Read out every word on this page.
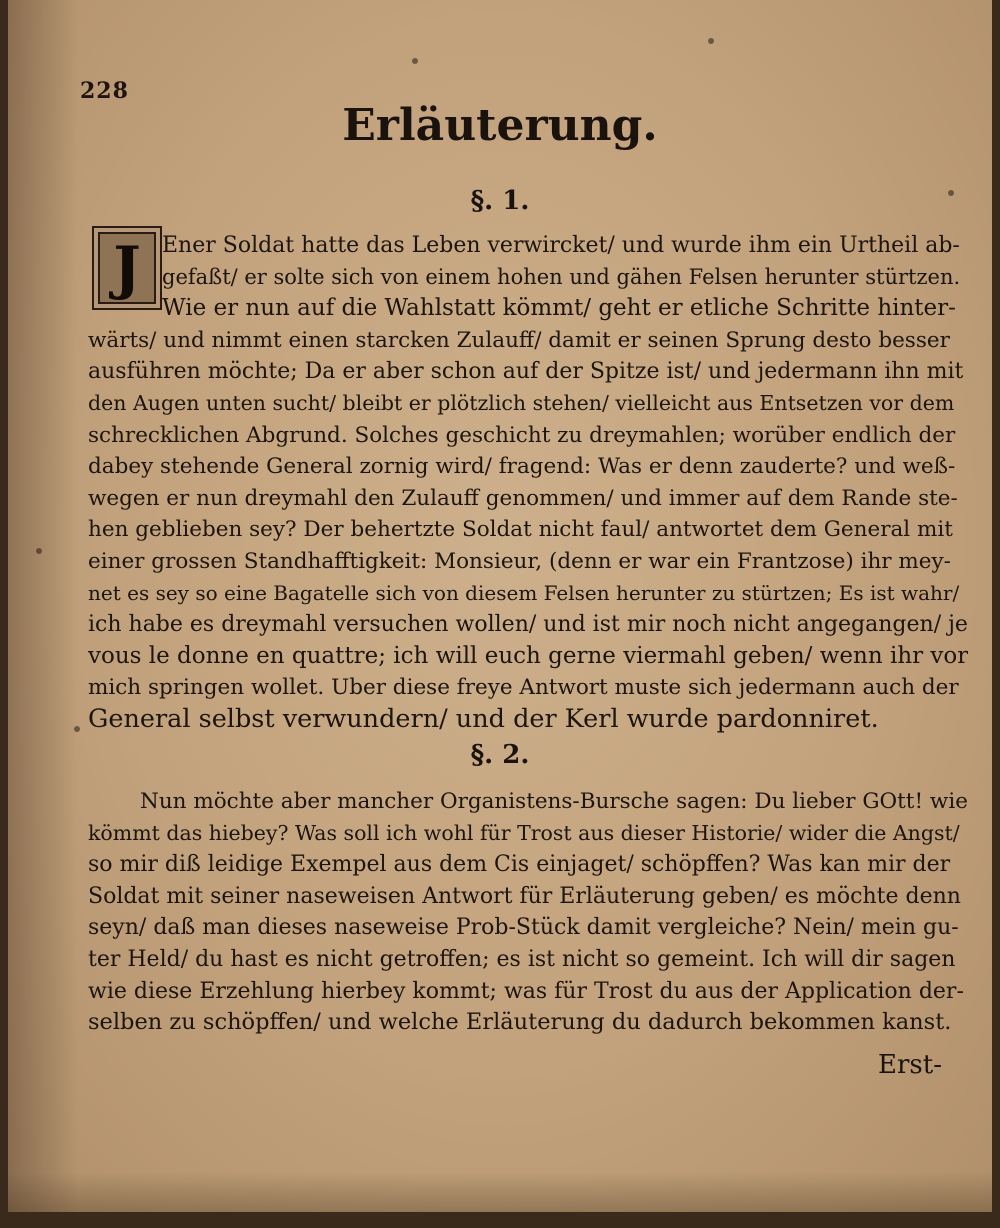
228
Erläuterung.
§. 1.
J Ener Soldat hatte das Leben verwircket/ und wurde ihm ein Urtheil ab-
gefaßt/ er solte sich von einem hohen und gähen Felsen herunter stürtzen.
Wie er nun auf die Wahlstatt kömmt/ geht er etliche Schritte hinter-
wärts/ und nimmt einen starcken Zulauff/ damit er seinen Sprung desto besser
ausführen möchte; Da er aber schon auf der Spitze ist/ und jedermann ihn mit
den Augen unten sucht/ bleibt er plötzlich stehen/ vielleicht aus Entsetzen vor dem
schrecklichen Abgrund. Solches geschicht zu dreymahlen; worüber endlich der
dabey stehende General zornig wird/ fragend: Was er denn zauderte? und weß-
wegen er nun dreymahl den Zulauff genommen/ und immer auf dem Rande ste-
hen geblieben sey? Der behertzte Soldat nicht faul/ antwortet dem General mit
einer grossen Standhafftigkeit: Monsieur, (denn er war ein Frantzose) ihr mey-
net es sey so eine Bagatelle sich von diesem Felsen herunter zu stürtzen; Es ist wahr/
ich habe es dreymahl versuchen wollen/ und ist mir noch nicht angegangen/ je
vous le donne en quattre; ich will euch gerne viermahl geben/ wenn ihr vor
mich springen wollet. Uber diese freye Antwort muste sich jedermann auch der
General selbst verwundern/ und der Kerl wurde pardonniret.
§. 2.
Nun möchte aber mancher Organistens-Bursche sagen: Du lieber GOtt! wie
kömmt das hiebey? Was soll ich wohl für Trost aus dieser Historie/ wider die Angst/
so mir diß leidige Exempel aus dem Cis einjaget/ schöpffen? Was kan mir der
Soldat mit seiner naseweisen Antwort für Erläuterung geben/ es möchte denn
seyn/ daß man dieses naseweise Prob-Stück damit vergleiche? Nein/ mein gu-
ter Held/ du hast es nicht getroffen; es ist nicht so gemeint. Ich will dir sagen
wie diese Erzehlung hierbey kommt; was für Trost du aus der Application der-
selben zu schöpffen/ und welche Erläuterung du dadurch bekommen kanst.
Erst-
